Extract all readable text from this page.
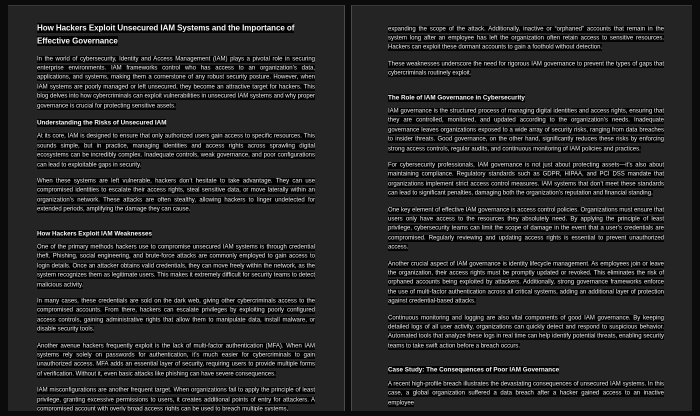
How Hackers Exploit Unsecured IAM Systems and the Importance of Effective Governance

In the world of cybersecurity, Identity and Access Management (IAM) plays a pivotal role in securing enterprise environments. IAM frameworks control who has access to an organization’s data, applications, and systems, making them a cornerstone of any robust security posture. However, when IAM systems are poorly managed or left unsecured, they become an attractive target for hackers. This blog delves into how cybercriminals can exploit vulnerabilities in unsecured IAM systems and why proper governance is crucial for protecting sensitive assets.

Understanding the Risks of Unsecured IAM

At its core, IAM is designed to ensure that only authorized users gain access to specific resources. This sounds simple, but in practice, managing identities and access rights across sprawling digital ecosystems can be incredibly complex. Inadequate controls, weak governance, and poor configurations can lead to exploitable gaps in security.

When these systems are left vulnerable, hackers don’t hesitate to take advantage. They can use compromised identities to escalate their access rights, steal sensitive data, or move laterally within an organization’s network. These attacks are often stealthy, allowing hackers to linger undetected for extended periods, amplifying the damage they can cause.

How Hackers Exploit IAM Weaknesses

One of the primary methods hackers use to compromise unsecured IAM systems is through credential theft. Phishing, social engineering, and brute-force attacks are commonly employed to gain access to login details. Once an attacker obtains valid credentials, they can move freely within the network, as the system recognizes them as legitimate users. This makes it extremely difficult for security teams to detect malicious activity.

In many cases, these credentials are sold on the dark web, giving other cybercriminals access to the compromised accounts. From there, hackers can escalate privileges by exploiting poorly configured access controls, gaining administrative rights that allow them to manipulate data, install malware, or disable security tools.

Another avenue hackers frequently exploit is the lack of multi-factor authentication (MFA). When IAM systems rely solely on passwords for authentication, it’s much easier for cybercriminals to gain unauthorized access. MFA adds an essential layer of security, requiring users to provide multiple forms of verification. Without it, even basic attacks like phishing can have severe consequences.

IAM misconfigurations are another frequent target. When organizations fail to apply the principle of least privilege, granting excessive permissions to users, it creates additional points of entry for attackers. A compromised account with overly broad access rights can be used to breach multiple systems,

expanding the scope of the attack. Additionally, inactive or “orphaned” accounts that remain in the system long after an employee has left the organization often retain access to sensitive resources. Hackers can exploit these dormant accounts to gain a foothold without detection.

These weaknesses underscore the need for rigorous IAM governance to prevent the types of gaps that cybercriminals routinely exploit.

The Role of IAM Governance in Cybersecurity

IAM governance is the structured process of managing digital identities and access rights, ensuring that they are controlled, monitored, and updated according to the organization’s needs. Inadequate governance leaves organizations exposed to a wide array of security risks, ranging from data breaches to insider threats. Good governance, on the other hand, significantly reduces these risks by enforcing strong access controls, regular audits, and continuous monitoring of IAM policies and practices.

For cybersecurity professionals, IAM governance is not just about protecting assets—it’s also about maintaining compliance. Regulatory standards such as GDPR, HIPAA, and PCI DSS mandate that organizations implement strict access control measures. IAM systems that don’t meet these standards can lead to significant penalties, damaging both the organization’s reputation and financial standing.

One key element of effective IAM governance is access control policies. Organizations must ensure that users only have access to the resources they absolutely need. By applying the principle of least privilege, cybersecurity teams can limit the scope of damage in the event that a user’s credentials are compromised. Regularly reviewing and updating access rights is essential to prevent unauthorized access.

Another crucial aspect of IAM governance is identity lifecycle management. As employees join or leave the organization, their access rights must be promptly updated or revoked. This eliminates the risk of orphaned accounts being exploited by attackers. Additionally, strong governance frameworks enforce the use of multi-factor authentication across all critical systems, adding an additional layer of protection against credential-based attacks.

Continuous monitoring and logging are also vital components of good IAM governance. By keeping detailed logs of all user activity, organizations can quickly detect and respond to suspicious behavior. Automated tools that analyze these logs in real time can help identify potential threats, enabling security teams to take swift action before a breach occurs.

Case Study: The Consequences of Poor IAM Governance

A recent high-profile breach illustrates the devastating consequences of unsecured IAM systems. In this case, a global organization suffered a data breach after a hacker gained access to an inactive employee
